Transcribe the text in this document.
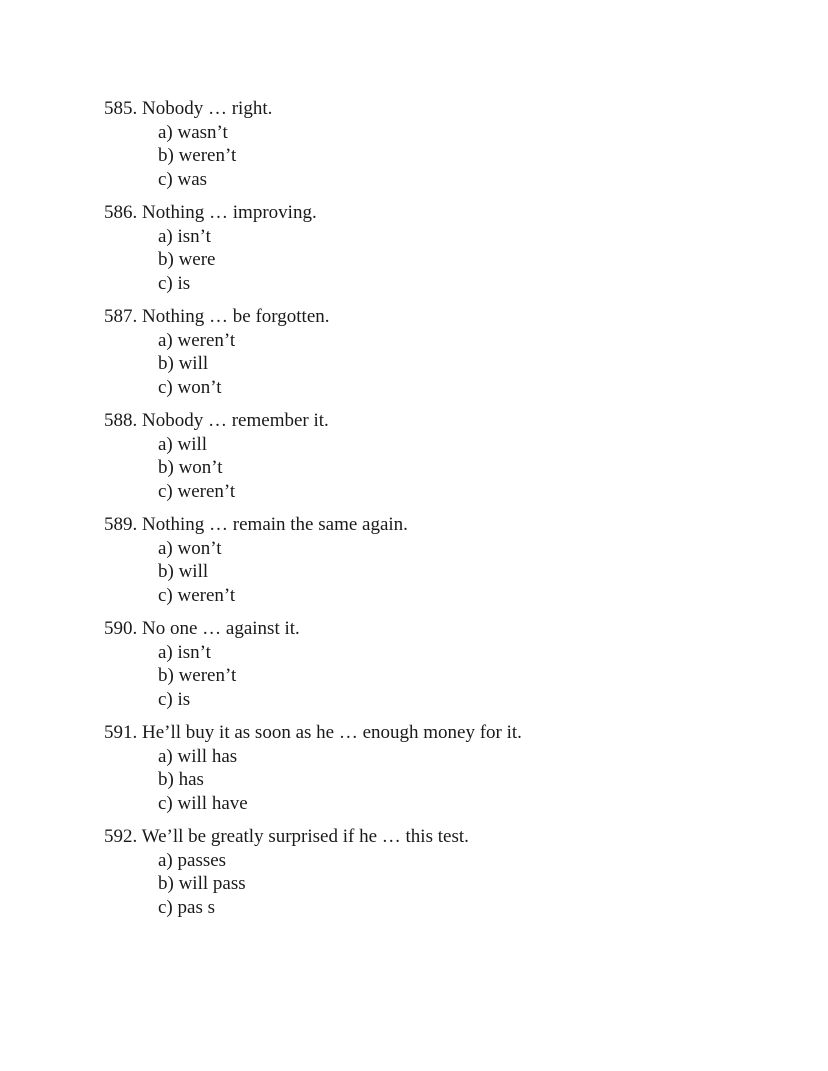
585. Nobody … right.
a) wasn’t
b) weren’t
c) was
586. Nothing … improving.
a) isn’t
b) were
c) is
587. Nothing … be forgotten.
a) weren’t
b) will
c) won’t
588. Nobody … remember it.
a) will
b) won’t
c) weren’t
589. Nothing … remain the same again.
a) won’t
b) will
c) weren’t
590. No one … against it.
a) isn’t
b) weren’t
c) is
591. He’ll buy it as soon as he … enough money for it.
a) will has
b) has
c) will have
592. We’ll be greatly surprised if he … this test.
a) passes
b) will pass
c) pas s
